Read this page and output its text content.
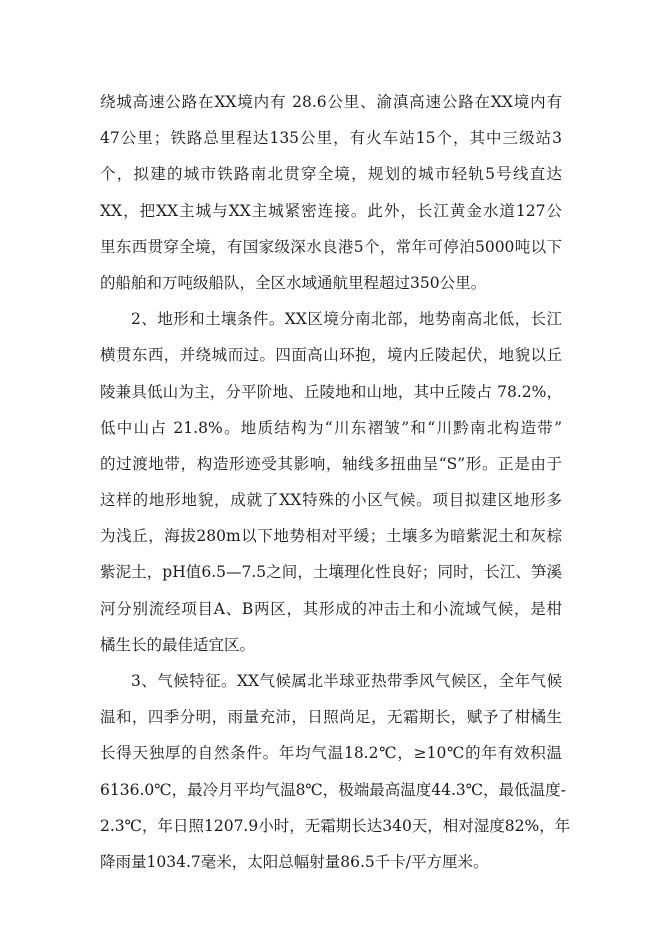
绕城高速公路在XX境内有 28.6公里、渝滇高速公路在XX境内有
47公里；铁路总里程达135公里，有火车站15个，其中三级站3
个，拟建的城市铁路南北贯穿全境，规划的城市轻轨5号线直达
XX，把XX主城与XX主城紧密连接。此外，长江黄金水道127公
里东西贯穿全境，有国家级深水良港5个，常年可停泊5000吨以下
的船舶和万吨级船队，全区水域通航里程超过350公里。
2、地形和土壤条件。XX区境分南北部，地势南高北低，长江
横贯东西，并绕城而过。四面高山环抱，境内丘陵起伏，地貌以丘
陵兼具低山为主，分平阶地、丘陵地和山地，其中丘陵占 78.2%，
低中山占 21.8%。地质结构为“川东褶皱”和“川黔南北构造带”
的过渡地带，构造形迹受其影响，轴线多扭曲呈“S”形。正是由于
这样的地形地貌，成就了XX特殊的小区气候。项目拟建区地形多
为浅丘，海拔280m以下地势相对平缓；土壤多为暗紫泥土和灰棕
紫泥土，pH值6.5—7.5之间，土壤理化性良好；同时，长江、笋溪
河分别流经项目A、B两区，其形成的冲击土和小流域气候，是柑
橘生长的最佳适宜区。
3、气候特征。XX气候属北半球亚热带季风气候区，全年气候
温和，四季分明，雨量充沛，日照尚足，无霜期长，赋予了柑橘生
长得天独厚的自然条件。年均气温18.2℃，≥10℃的年有效积温
6136.0℃，最冷月平均气温8℃，极端最高温度44.3℃，最低温度-
2.3℃，年日照1207.9小时，无霜期长达340天，相对湿度82%，年
降雨量1034.7毫米，太阳总幅射量86.5千卡/平方厘米。
